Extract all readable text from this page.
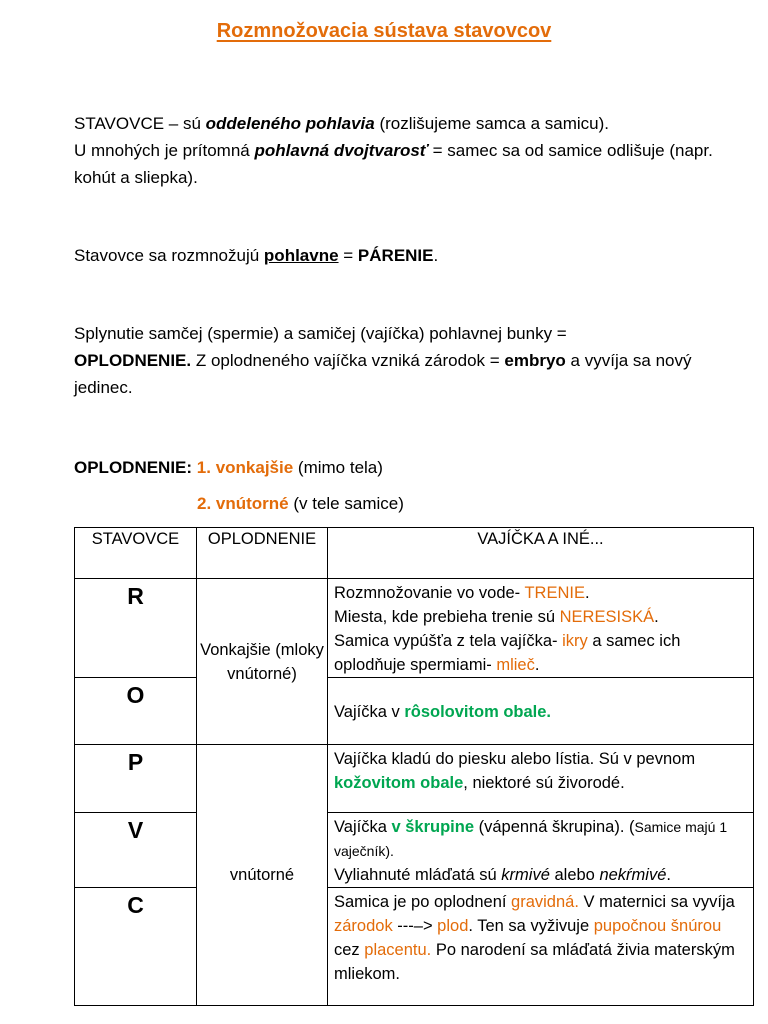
Rozmnožovacia sústava stavovcov
STAVOVCE – sú oddeleného pohlavia (rozlišujeme samca a samicu).
U mnohých je prítomná pohlavná dvojtvarosť = samec sa od samice odlišuje (napr. kohút a sliepka).
Stavovce sa rozmnožujú pohlavne = PÁRENIE.
Splynutie samčej (spermie) a samičej (vajíčka) pohlavnej bunky =
OPLODNENIE. Z oplodneného vajíčka vzniká zárodok = embryo a vyvíja sa nový jedinec.
OPLODNENIE: 1. vonkajšie (mimo tela)
2. vnútorné (v tele samice)
STAVOVCE	OPLODNENIE	VAJÍČKA A INÉ...
R	Vonkajšie (mloky vnútorné)	Rozmnožovanie vo vode- TRENIE.
Miesta, kde prebieha trenie sú NERESISKÁ.
Samica vypúšťa z tela vajíčka- ikry a samec ich oplodňuje spermiami- mlieč.
O		Vajíčka v rôsolovitom obale.
P	vnútorné	Vajíčka kladú do piesku alebo lístia. Sú v pevnom kožovitom obale, niektoré sú živorodé.
V		Vajíčka v škrupine (vápenná škrupina). (Samice majú 1 vaječník).
Vyliahnuté mláďatá sú krmivé alebo nekŕmivé.
C		Samica je po oplodnení gravidná. V maternici sa vyvíja zárodok ---–> plod. Ten sa vyživuje pupočnou šnúrou cez placentu. Po narodení sa mláďatá živia materským mliekom.
